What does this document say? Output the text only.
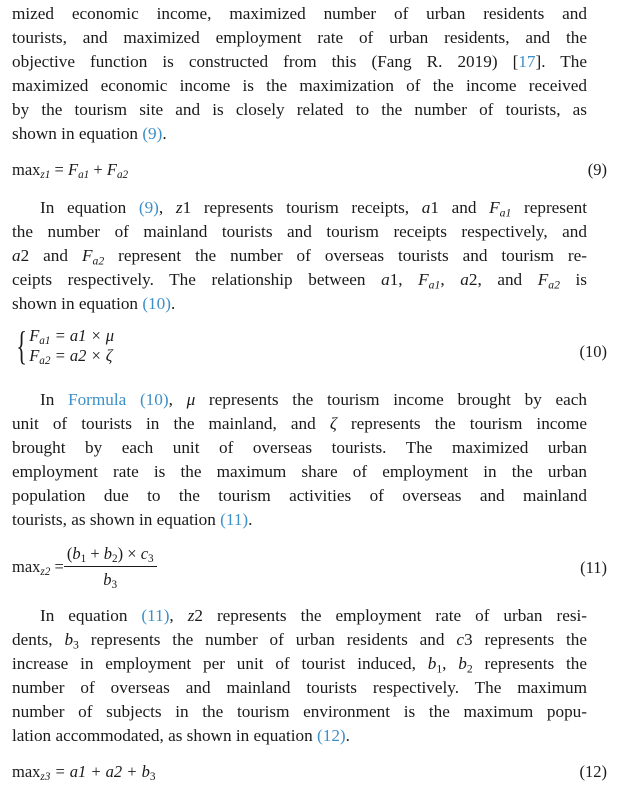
mized economic income, maximized number of urban residents and
tourists, and maximized employment rate of urban residents, and the
objective function is constructed from this (Fang R. 2019) [17]. The
maximized economic income is the maximization of the income received
by the tourism site and is closely related to the number of tourists, as
shown in equation (9).
$\max_{z1} = F_{a1} + F_{a2}$	(9)
In equation (9), z1 represents tourism receipts, a1 and $F_{a1}$ represent
the number of mainland tourists and tourism receipts respectively, and
a2 and $F_{a2}$ represent the number of overseas tourists and tourism re-
ceipts respectively. The relationship between a1, $F_{a1}$, a2, and $F_{a2}$ is
shown in equation (10).
{ $F_{a1} = a1 \times \mu$
$F_{a2} = a2 \times \zeta$	(10)
In Formula (10), μ represents the tourism income brought by each
unit of tourists in the mainland, and ζ represents the tourism income
brought by each unit of overseas tourists. The maximized urban
employment rate is the maximum share of employment in the urban
population due to the tourism activities of overseas and mainland
tourists, as shown in equation (11).
$\max_{z2} = \frac{(b_1 + b_2) \times c_3}{b_3}$	(11)
In equation (11), z2 represents the employment rate of urban resi-
dents, $b_3$ represents the number of urban residents and c3 represents the
increase in employment per unit of tourist induced, $b_1$, $b_2$ represents the
number of overseas and mainland tourists respectively. The maximum
number of subjects in the tourism environment is the maximum popu-
lation accommodated, as shown in equation (12).
$\max_{z3} = a1 + a2 + b_3$	(12)
